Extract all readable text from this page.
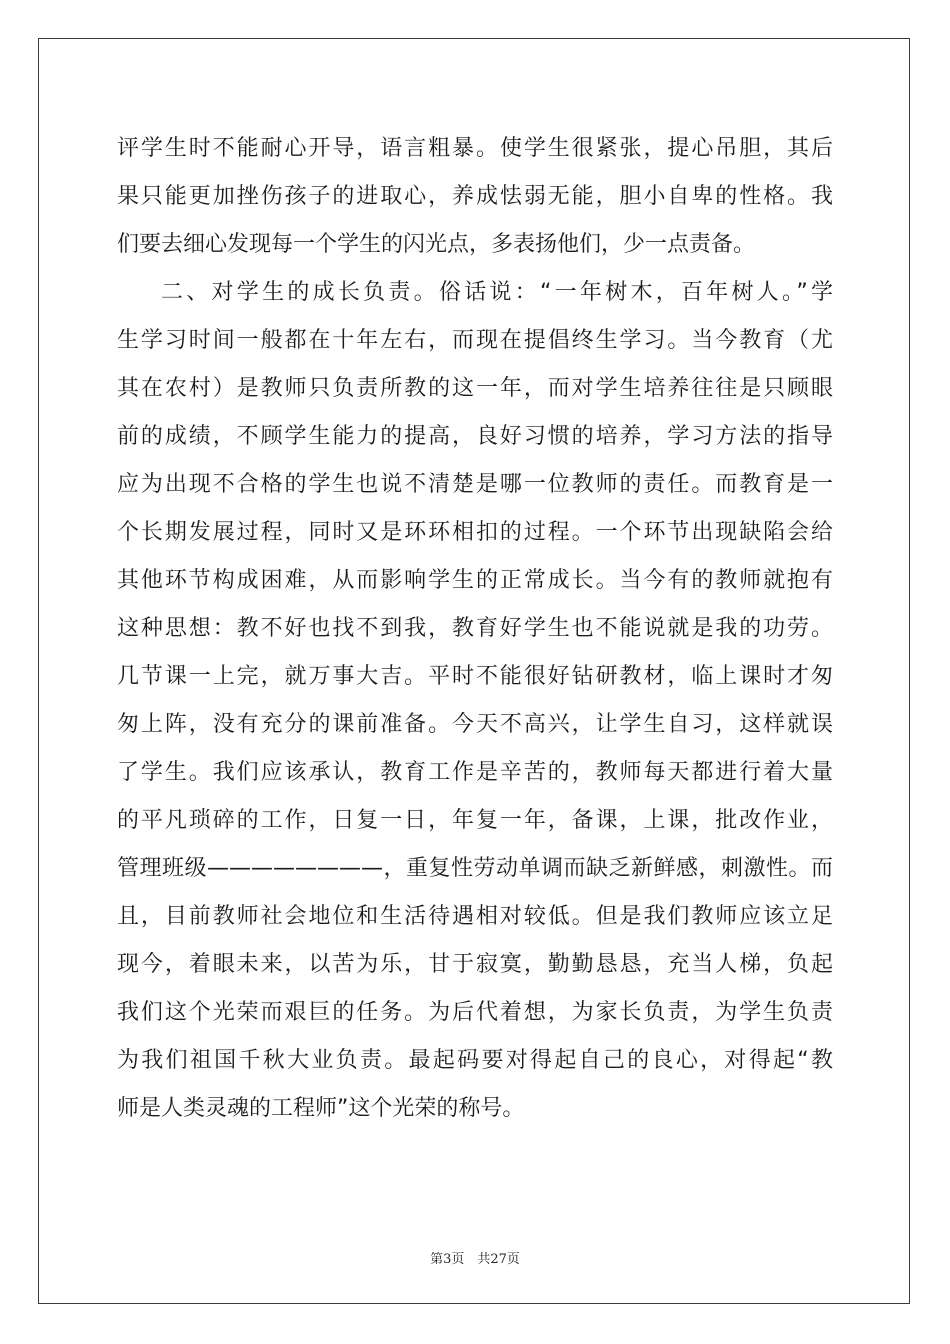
评学生时不能耐心开导，语言粗暴。使学生很紧张，提心吊胆，其后
果只能更加挫伤孩子的进取心，养成怯弱无能，胆小自卑的性格。我
们要去细心发现每一个学生的闪光点，多表扬他们，少一点责备。
二、对学生的成长负责。俗话说：“一年树木，百年树人。”学
生学习时间一般都在十年左右，而现在提倡终生学习。当今教育（尤
其在农村）是教师只负责所教的这一年，而对学生培养往往是只顾眼
前的成绩，不顾学生能力的提高，良好习惯的培养，学习方法的指导
应为出现不合格的学生也说不清楚是哪一位教师的责任。而教育是一
个长期发展过程，同时又是环环相扣的过程。一个环节出现缺陷会给
其他环节构成困难，从而影响学生的正常成长。当今有的教师就抱有
这种思想：教不好也找不到我，教育好学生也不能说就是我的功劳。
几节课一上完，就万事大吉。平时不能很好钻研教材，临上课时才匆
匆上阵，没有充分的课前准备。今天不高兴，让学生自习，这样就误
了学生。我们应该承认，教育工作是辛苦的，教师每天都进行着大量
的平凡琐碎的工作，日复一日，年复一年，备课，上课，批改作业，
管理班级————————，重复性劳动单调而缺乏新鲜感，刺激性。而
且，目前教师社会地位和生活待遇相对较低。但是我们教师应该立足
现今，着眼未来，以苦为乐，甘于寂寞，勤勤恳恳，充当人梯，负起
我们这个光荣而艰巨的任务。为后代着想，为家长负责，为学生负责
为我们祖国千秋大业负责。最起码要对得起自己的良心，对得起“教
师是人类灵魂的工程师”这个光荣的称号。
第3页　共27页
